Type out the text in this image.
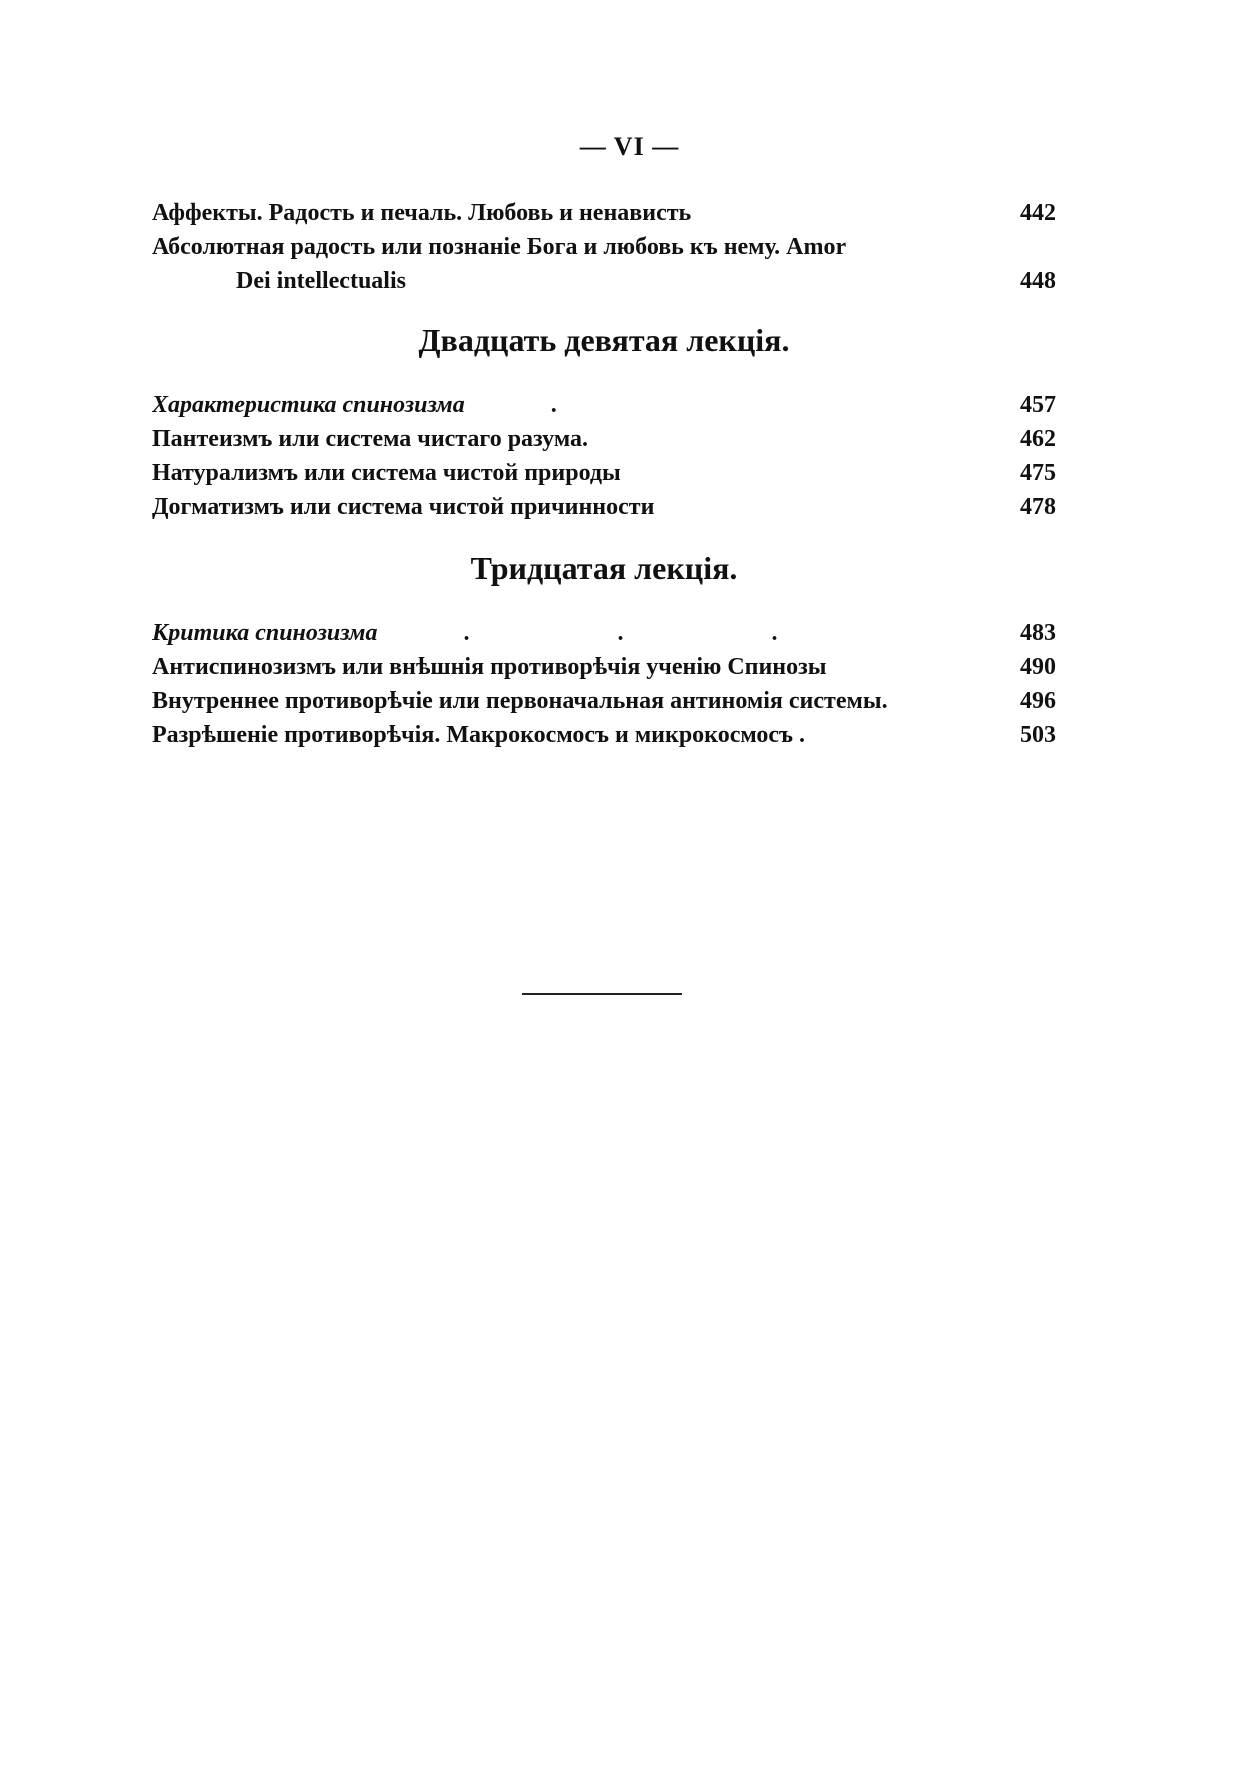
— VI —
Аффекты. Радость и печаль. Любовь и ненависть	442
Абсолютная радость или познаніе Бога и любовь къ нему. Amor
Dei intellectualis	448
Двадцать девятая лекція.
Характеристика спинозизма	.	457
Пантеизмъ или система чистаго разума.	462
Натурализмъ или система чистой природы	475
Догматизмъ или система чистой причинности	478
Тридцатая лекція.
Критика спинозизма	.          .          .	483
Антиспинозизмъ или внѣшнія противорѣчія ученію Спинозы	490
Внутреннее противорѣчіе или первоначальная антиномія системы.	496
Разрѣшеніе противорѣчія. Макрокосмосъ и микрокосмосъ .	503
